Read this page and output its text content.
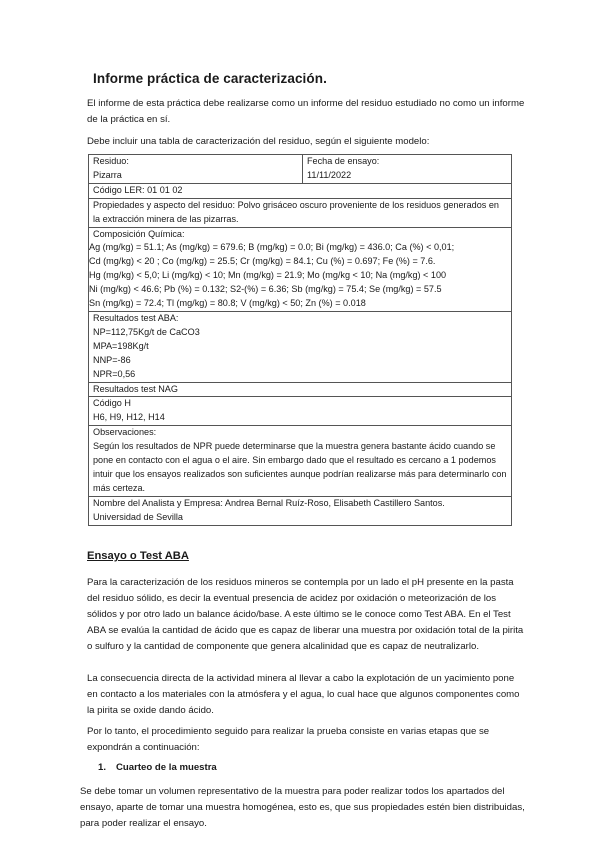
Informe práctica de caracterización.

El informe de esta práctica debe realizarse como un informe del residuo estudiado no como un informe de la práctica en sí.

Debe incluir una tabla de caracterización del residuo, según el siguiente modelo:

Residuo:
Pizarra

Fecha de ensayo:
11/11/2022

Código LER: 01 01 02

Propiedades y aspecto del residuo: Polvo grisáceo oscuro proveniente de los residuos generados en la extracción minera de las pizarras.

Composición Química:
Ag (mg/kg) = 51.1; As (mg/kg) = 679.6; B (mg/kg) = 0.0; Bi (mg/kg) = 436.0; Ca (%) < 0,01;
Cd (mg/kg) < 20 ; Co (mg/kg) = 25.5; Cr (mg/kg) = 84.1; Cu (%) = 0.697; Fe (%) = 7.6.
Hg (mg/kg) < 5,0; Li (mg/kg) < 10; Mn (mg/kg) = 21.9; Mo (mg/kg < 10; Na (mg/kg) < 100
Ni (mg/kg) < 46.6; Pb (%) = 0.132; S2-(%) = 6.36; Sb (mg/kg) = 75.4; Se (mg/kg) = 57.5
Sn (mg/kg) = 72.4; Tl (mg/kg) = 80.8; V (mg/kg) < 50; Zn (%) = 0.018

Resultados test ABA:
NP=112,75Kg/t de CaCO3
MPA=198Kg/t
NNP=-86
NPR=0,56

Resultados test NAG

Código H
H6, H9, H12, H14

Observaciones:
Según los resultados de NPR puede determinarse que la muestra genera bastante ácido cuando se pone en contacto con el agua o el aire. Sin embargo dado que el resultado es cercano a 1 podemos intuir que los ensayos realizados son suficientes aunque podrían realizarse más para determinarlo con más certeza.

Nombre del Analista y Empresa: Andrea Bernal Ruíz-Roso, Elisabeth Castillero Santos.
Universidad de Sevilla
Ensayo o Test ABA

Para la caracterización de los residuos mineros se contempla por un lado el pH presente en la pasta del residuo sólido, es decir la eventual presencia de acidez por oxidación o meteorización de los sólidos y por otro lado un balance ácido/base. A este último se le conoce como Test ABA. En el Test ABA se evalúa la cantidad de ácido que es capaz de liberar una muestra por oxidación total de la pirita o sulfuro y la cantidad de componente que genera alcalinidad que es capaz de neutralizarlo.

La consecuencia directa de la actividad minera al llevar a cabo la explotación de un yacimiento pone en contacto a los materiales con la atmósfera y el agua, lo cual hace que algunos componentes como la pirita se oxide dando ácido.

Por lo tanto, el procedimiento seguido para realizar la prueba consiste en varias etapas que se expondrán a continuación:

1. Cuarteo de la muestra

Se debe tomar un volumen representativo de la muestra para poder realizar todos los apartados del ensayo, aparte de tomar una muestra homogénea, esto es, que sus propiedades estén bien distribuidas, para poder realizar el ensayo.
